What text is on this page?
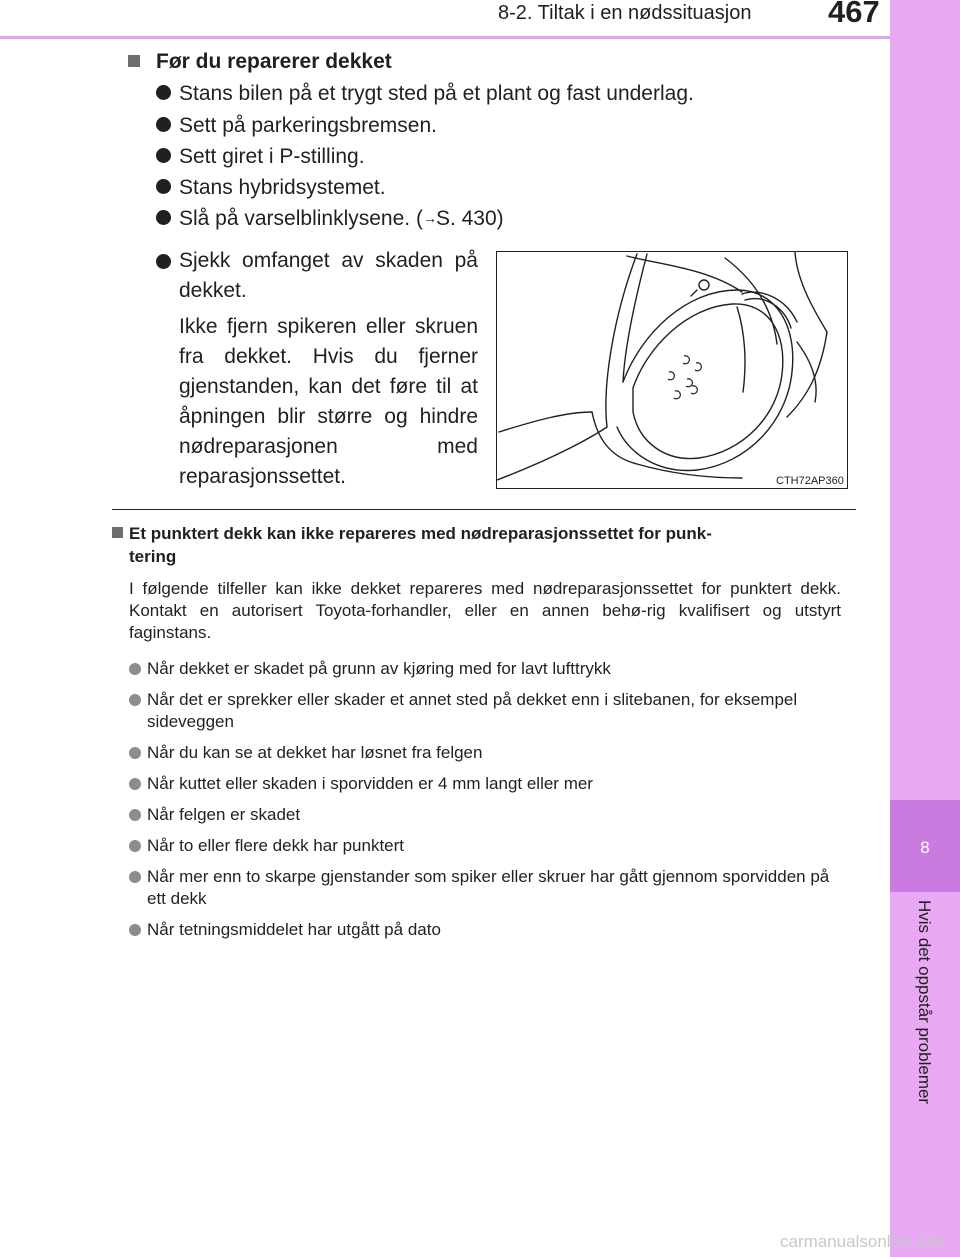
8-2. Tiltak i en nødssituasjon 467
8
Hvis det oppstår problemer
Før du reparerer dekket
Stans bilen på et trygt sted på et plant og fast underlag.
Sett på parkeringsbremsen.
Sett giret i P-stilling.
Stans hybridsystemet.
Slå på varselblinklysene. (→S. 430)

Sjekk omfanget av skaden på dekket.

Ikke fjern spikeren eller skruen fra dekket. Hvis du fjerner gjenstanden, kan det føre til at åpningen blir større og hindre nødreparasjonen med reparasjonssettet.	CTH72AP360
Et punktert dekk kan ikke repareres med nødreparasjonssettet for punk-
tering
I følgende tilfeller kan ikke dekket repareres med nødreparasjonssettet for punktert dekk. Kontakt en autorisert Toyota-forhandler, eller en annen behø-rig kvalifisert og utstyrt faginstans.
Når dekket er skadet på grunn av kjøring med for lavt lufttrykk
Når det er sprekker eller skader et annet sted på dekket enn i slitebanen, for eksempel sideveggen
Når du kan se at dekket har løsnet fra felgen
Når kuttet eller skaden i sporvidden er 4 mm langt eller mer
Når felgen er skadet
Når to eller flere dekk har punktert
Når mer enn to skarpe gjenstander som spiker eller skruer har gått gjennom sporvidden på ett dekk
Når tetningsmiddelet har utgått på dato
carmanualsonline.info
